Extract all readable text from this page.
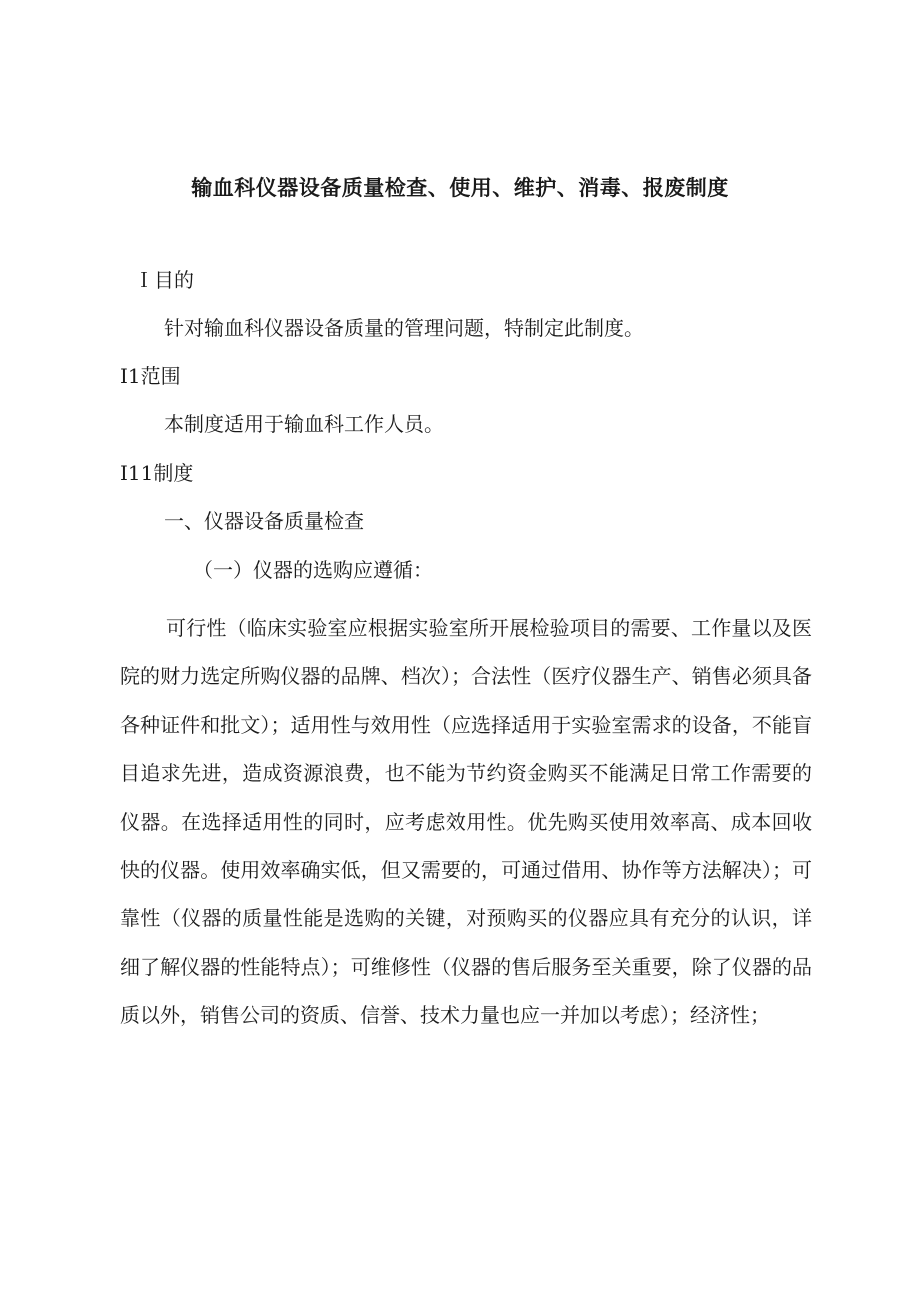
输血科仪器设备质量检查、使用、维护、消毒、报废制度
Ｉ目的
针对输血科仪器设备质量的管理问题，特制定此制度。
I1范围
本制度适用于输血科工作人员。
I11制度
一、仪器设备质量检查
（一）仪器的选购应遵循：
可行性（临床实验室应根据实验室所开展检验项目的需要、工作量以及医院的财力选定所购仪器的品牌、档次）；合法性（医疗仪器生产、销售必须具备各种证件和批文）；适用性与效用性（应选择适用于实验室需求的设备，不能盲目追求先进，造成资源浪费，也不能为节约资金购买不能满足日常工作需要的仪器。在选择适用性的同时，应考虑效用性。优先购买使用效率高、成本回收快的仪器。使用效率确实低，但又需要的，可通过借用、协作等方法解决）；可靠性（仪器的质量性能是选购的关键，对预购买的仪器应具有充分的认识，详细了解仪器的性能特点）；可维修性（仪器的售后服务至关重要，除了仪器的品质以外，销售公司的资质、信誉、技术力量也应一并加以考虑）；经济性；
